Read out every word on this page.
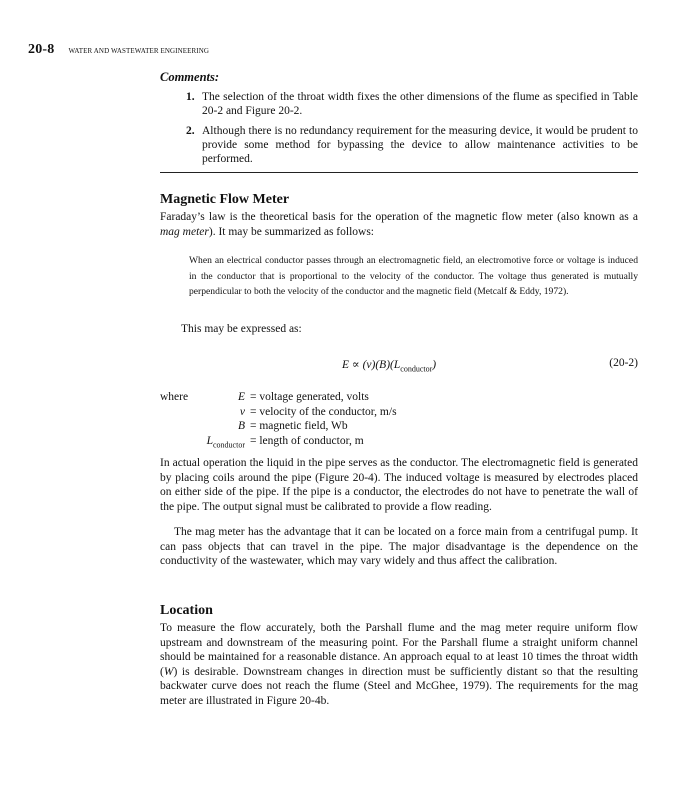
20-8 WATER AND WASTEWATER ENGINEERING
Comments:
1. The selection of the throat width fixes the other dimensions of the flume as specified in Table 20-2 and Figure 20-2.
2. Although there is no redundancy requirement for the measuring device, it would be prudent to provide some method for bypassing the device to allow maintenance activities to be performed.
Magnetic Flow Meter

Faraday’s law is the theoretical basis for the operation of the magnetic flow meter (also known as a mag meter). It may be summarized as follows:

When an electrical conductor passes through an electromagnetic field, an electromotive force or voltage is induced in the conductor that is proportional to the velocity of the conductor. The voltage thus generated is mutually perpendicular to both the velocity of the conductor and the magnetic field (Metcalf & Eddy, 1972).

This may be expressed as:
$E \propto (v)(B)(L_{conductor})$	(20-2)
where	E = voltage generated, volts
v = velocity of the conductor, m/s
B = magnetic field, Wb
$L_{conductor}$ = length of conductor, m

In actual operation the liquid in the pipe serves as the conductor. The electromagnetic field is generated by placing coils around the pipe (Figure 20-4). The induced voltage is measured by electrodes placed on either side of the pipe. If the pipe is a conductor, the electrodes do not have to penetrate the wall of the pipe. The output signal must be calibrated to provide a flow reading.

The mag meter has the advantage that it can be located on a force main from a centrifugal pump. It can pass objects that can travel in the pipe. The major disadvantage is the dependence on the conductivity of the wastewater, which may vary widely and thus affect the calibration.

Location

To measure the flow accurately, both the Parshall flume and the mag meter require uniform flow upstream and downstream of the measuring point. For the Parshall flume a straight uniform channel should be maintained for a reasonable distance. An approach equal to at least 10 times the throat width (W) is desirable. Downstream changes in direction must be sufficiently distant so that the resulting backwater curve does not reach the flume (Steel and McGhee, 1979). The requirements for the mag meter are illustrated in Figure 20-4b.
